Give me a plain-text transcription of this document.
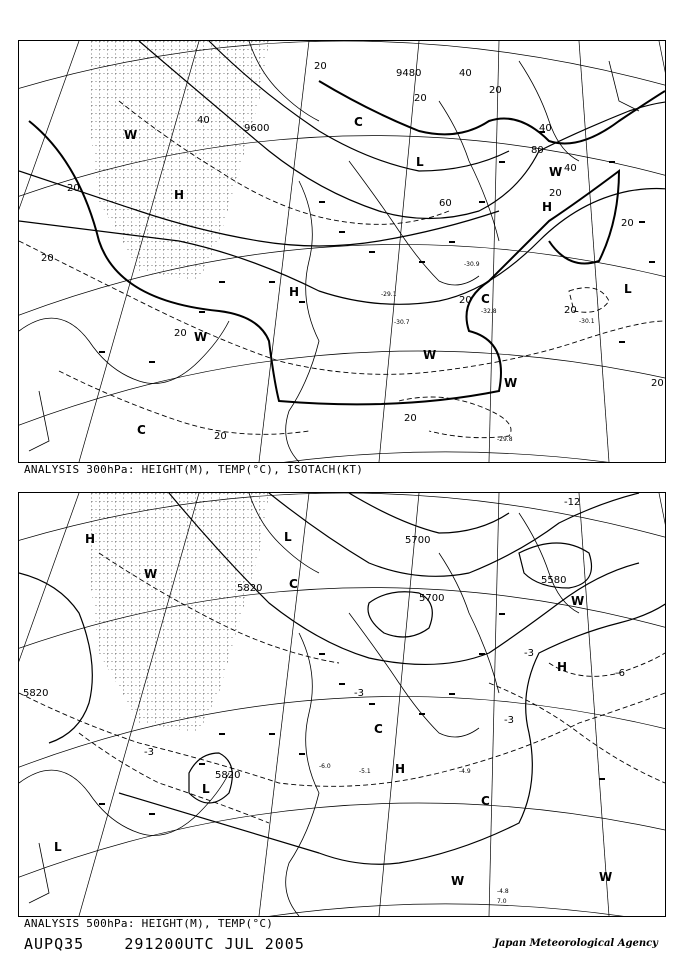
9600
9480
20
20
20
20
20
20
20
20
20
20
20
20
20
40
40
40
40
60
80
H
H
H
L
L
W
W
W
W
W
C
C
C
-29.1
-30.7
-30.9
-29.8
-30.1
-32.8
ANALYSIS 300hPa: HEIGHT(M), TEMP(°C), ISOTACH(KT)
5700
5700
5820
5820
5820
5580
-3
-3
-3
-3
-6
-12
H
H
H
L
L
L
W
W
W
W
C
C
C
-4.8
7.0
-5.1	-4.9
-6.0
ANALYSIS 500hPa: HEIGHT(M), TEMP(°C)
AUPQ35	291200UTC JUL 2005	Japan Meteorological Agency
